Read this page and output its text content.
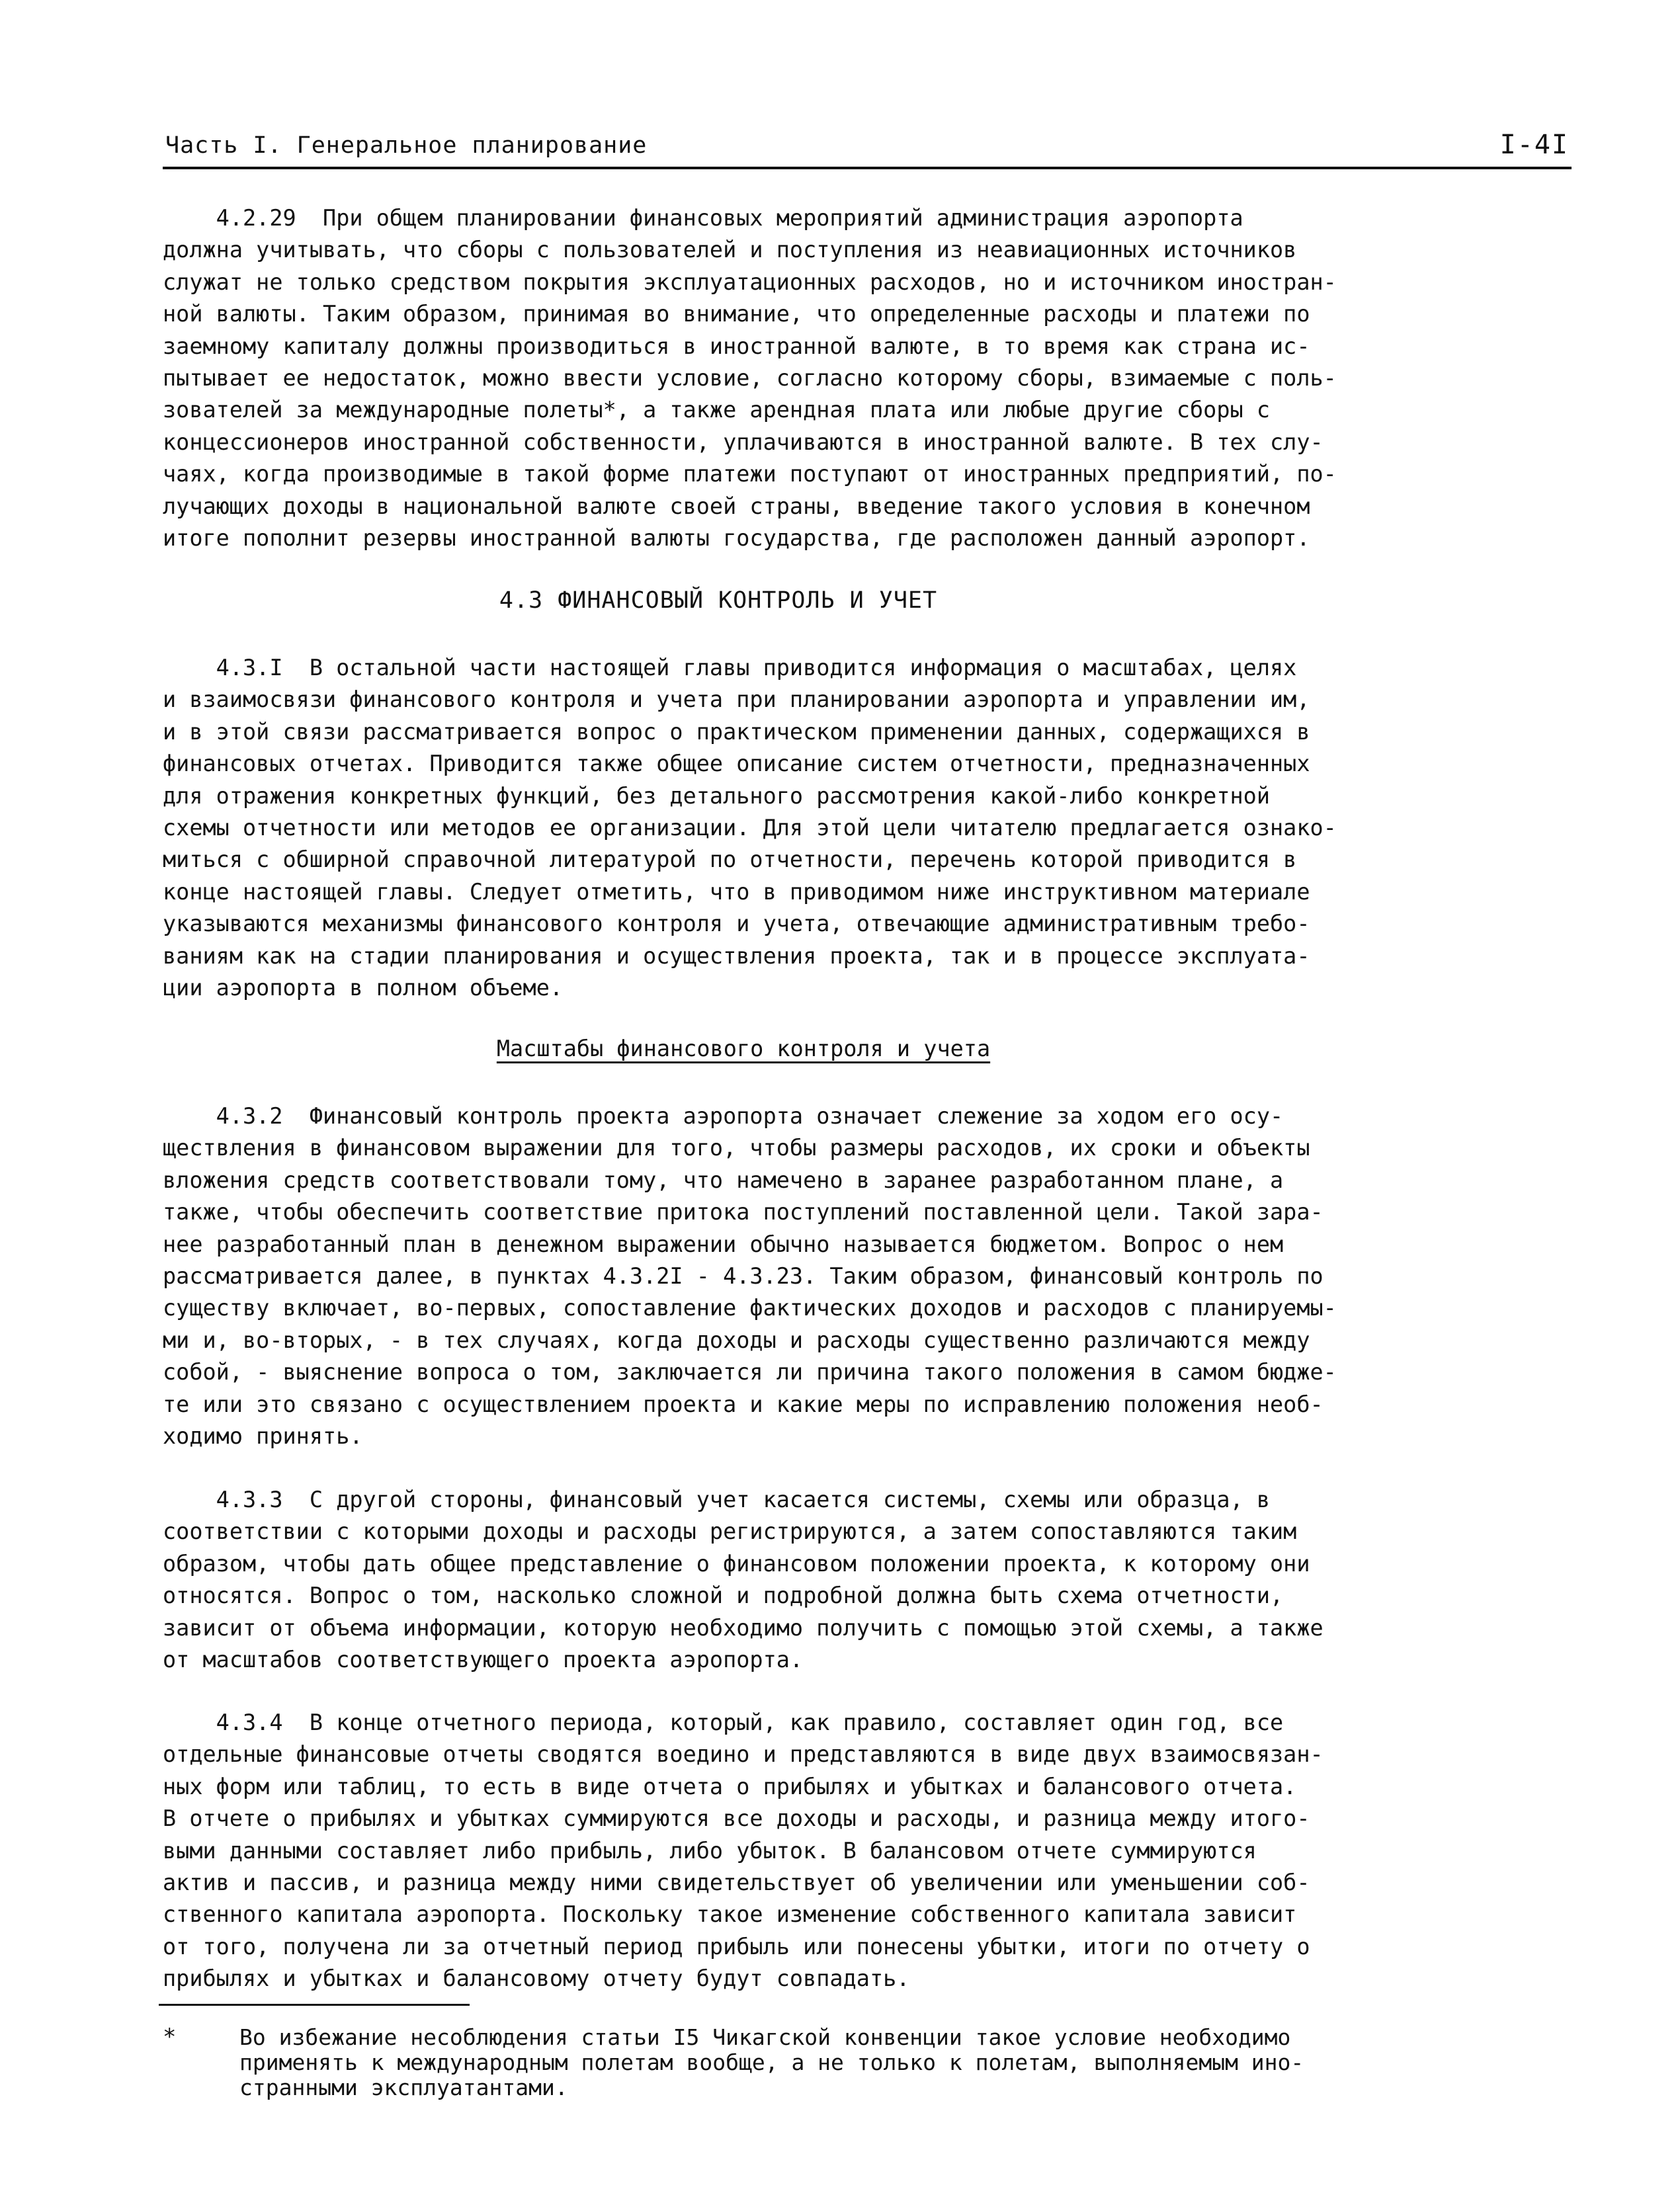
Часть I. Генеральное планирование	I-4I
4.2.29  При общем планировании финансовых мероприятий администрация аэропорта
должна учитывать, что сборы с пользователей и поступления из неавиационных источников
служат не только средством покрытия эксплуатационных расходов, но и источником иностран-
ной валюты. Таким образом, принимая во внимание, что определенные расходы и платежи по
заемному капиталу должны производиться в иностранной валюте, в то время как страна ис-
пытывает ее недостаток, можно ввести условие, согласно которому сборы, взимаемые с поль-
зователей за международные полеты*, а также арендная плата или любые другие сборы с
концессионеров иностранной собственности, уплачиваются в иностранной валюте. В тех слу-
чаях, когда производимые в такой форме платежи поступают от иностранных предприятий, по-
лучающих доходы в национальной валюте своей страны, введение такого условия в конечном
итоге пополнит резервы иностранной валюты государства, где расположен данный аэропорт.
4.3 ФИНАНСОВЫЙ КОНТРОЛЬ И УЧЕТ
4.3.I  В остальной части настоящей главы приводится информация о масштабах, целях
и взаимосвязи финансового контроля и учета при планировании аэропорта и управлении им,
и в этой связи рассматривается вопрос о практическом применении данных, содержащихся в
финансовых отчетах. Приводится также общее описание систем отчетности, предназначенных
для отражения конкретных функций, без детального рассмотрения какой-либо конкретной
схемы отчетности или методов ее организации. Для этой цели читателю предлагается ознако-
миться с обширной справочной литературой по отчетности, перечень которой приводится в
конце настоящей главы. Следует отметить, что в приводимом ниже инструктивном материале
указываются механизмы финансового контроля и учета, отвечающие административным требо-
ваниям как на стадии планирования и осуществления проекта, так и в процессе эксплуата-
ции аэропорта в полном объеме.
Масштабы финансового контроля и учета
4.3.2  Финансовый контроль проекта аэропорта означает слежение за ходом его осу-
ществления в финансовом выражении для того, чтобы размеры расходов, их сроки и объекты
вложения средств соответствовали тому, что намечено в заранее разработанном плане, а
также, чтобы обеспечить соответствие притока поступлений поставленной цели. Такой зара-
нее разработанный план в денежном выражении обычно называется бюджетом. Вопрос о нем
рассматривается далее, в пунктах 4.3.2I - 4.3.23. Таким образом, финансовый контроль по
существу включает, во-первых, сопоставление фактических доходов и расходов с планируемы-
ми и, во-вторых, - в тех случаях, когда доходы и расходы существенно различаются между
собой, - выяснение вопроса о том, заключается ли причина такого положения в самом бюдже-
те или это связано с осуществлением проекта и какие меры по исправлению положения необ-
ходимо принять.
4.3.3  С другой стороны, финансовый учет касается системы, схемы или образца, в
соответствии с которыми доходы и расходы регистрируются, а затем сопоставляются таким
образом, чтобы дать общее представление о финансовом положении проекта, к которому они
относятся. Вопрос о том, насколько сложной и подробной должна быть схема отчетности,
зависит от объема информации, которую необходимо получить с помощью этой схемы, а также
от масштабов соответствующего проекта аэропорта.
4.3.4  В конце отчетного периода, который, как правило, составляет один год, все
отдельные финансовые отчеты сводятся воедино и представляются в виде двух взаимосвязан-
ных форм или таблиц, то есть в виде отчета о прибылях и убытках и балансового отчета.
В отчете о прибылях и убытках суммируются все доходы и расходы, и разница между итого-
выми данными составляет либо прибыль, либо убыток. В балансовом отчете суммируются
актив и пассив, и разница между ними свидетельствует об увеличении или уменьшении соб-
ственного капитала аэропорта. Поскольку такое изменение собственного капитала зависит
от того, получена ли за отчетный период прибыль или понесены убытки, итоги по отчету о
прибылях и убытках и балансовому отчету будут совпадать.
*	Во избежание несоблюдения статьи I5 Чикагской конвенции такое условие необходимо
применять к международным полетам вообще, а не только к полетам, выполняемым ино-
странными эксплуатантами.
